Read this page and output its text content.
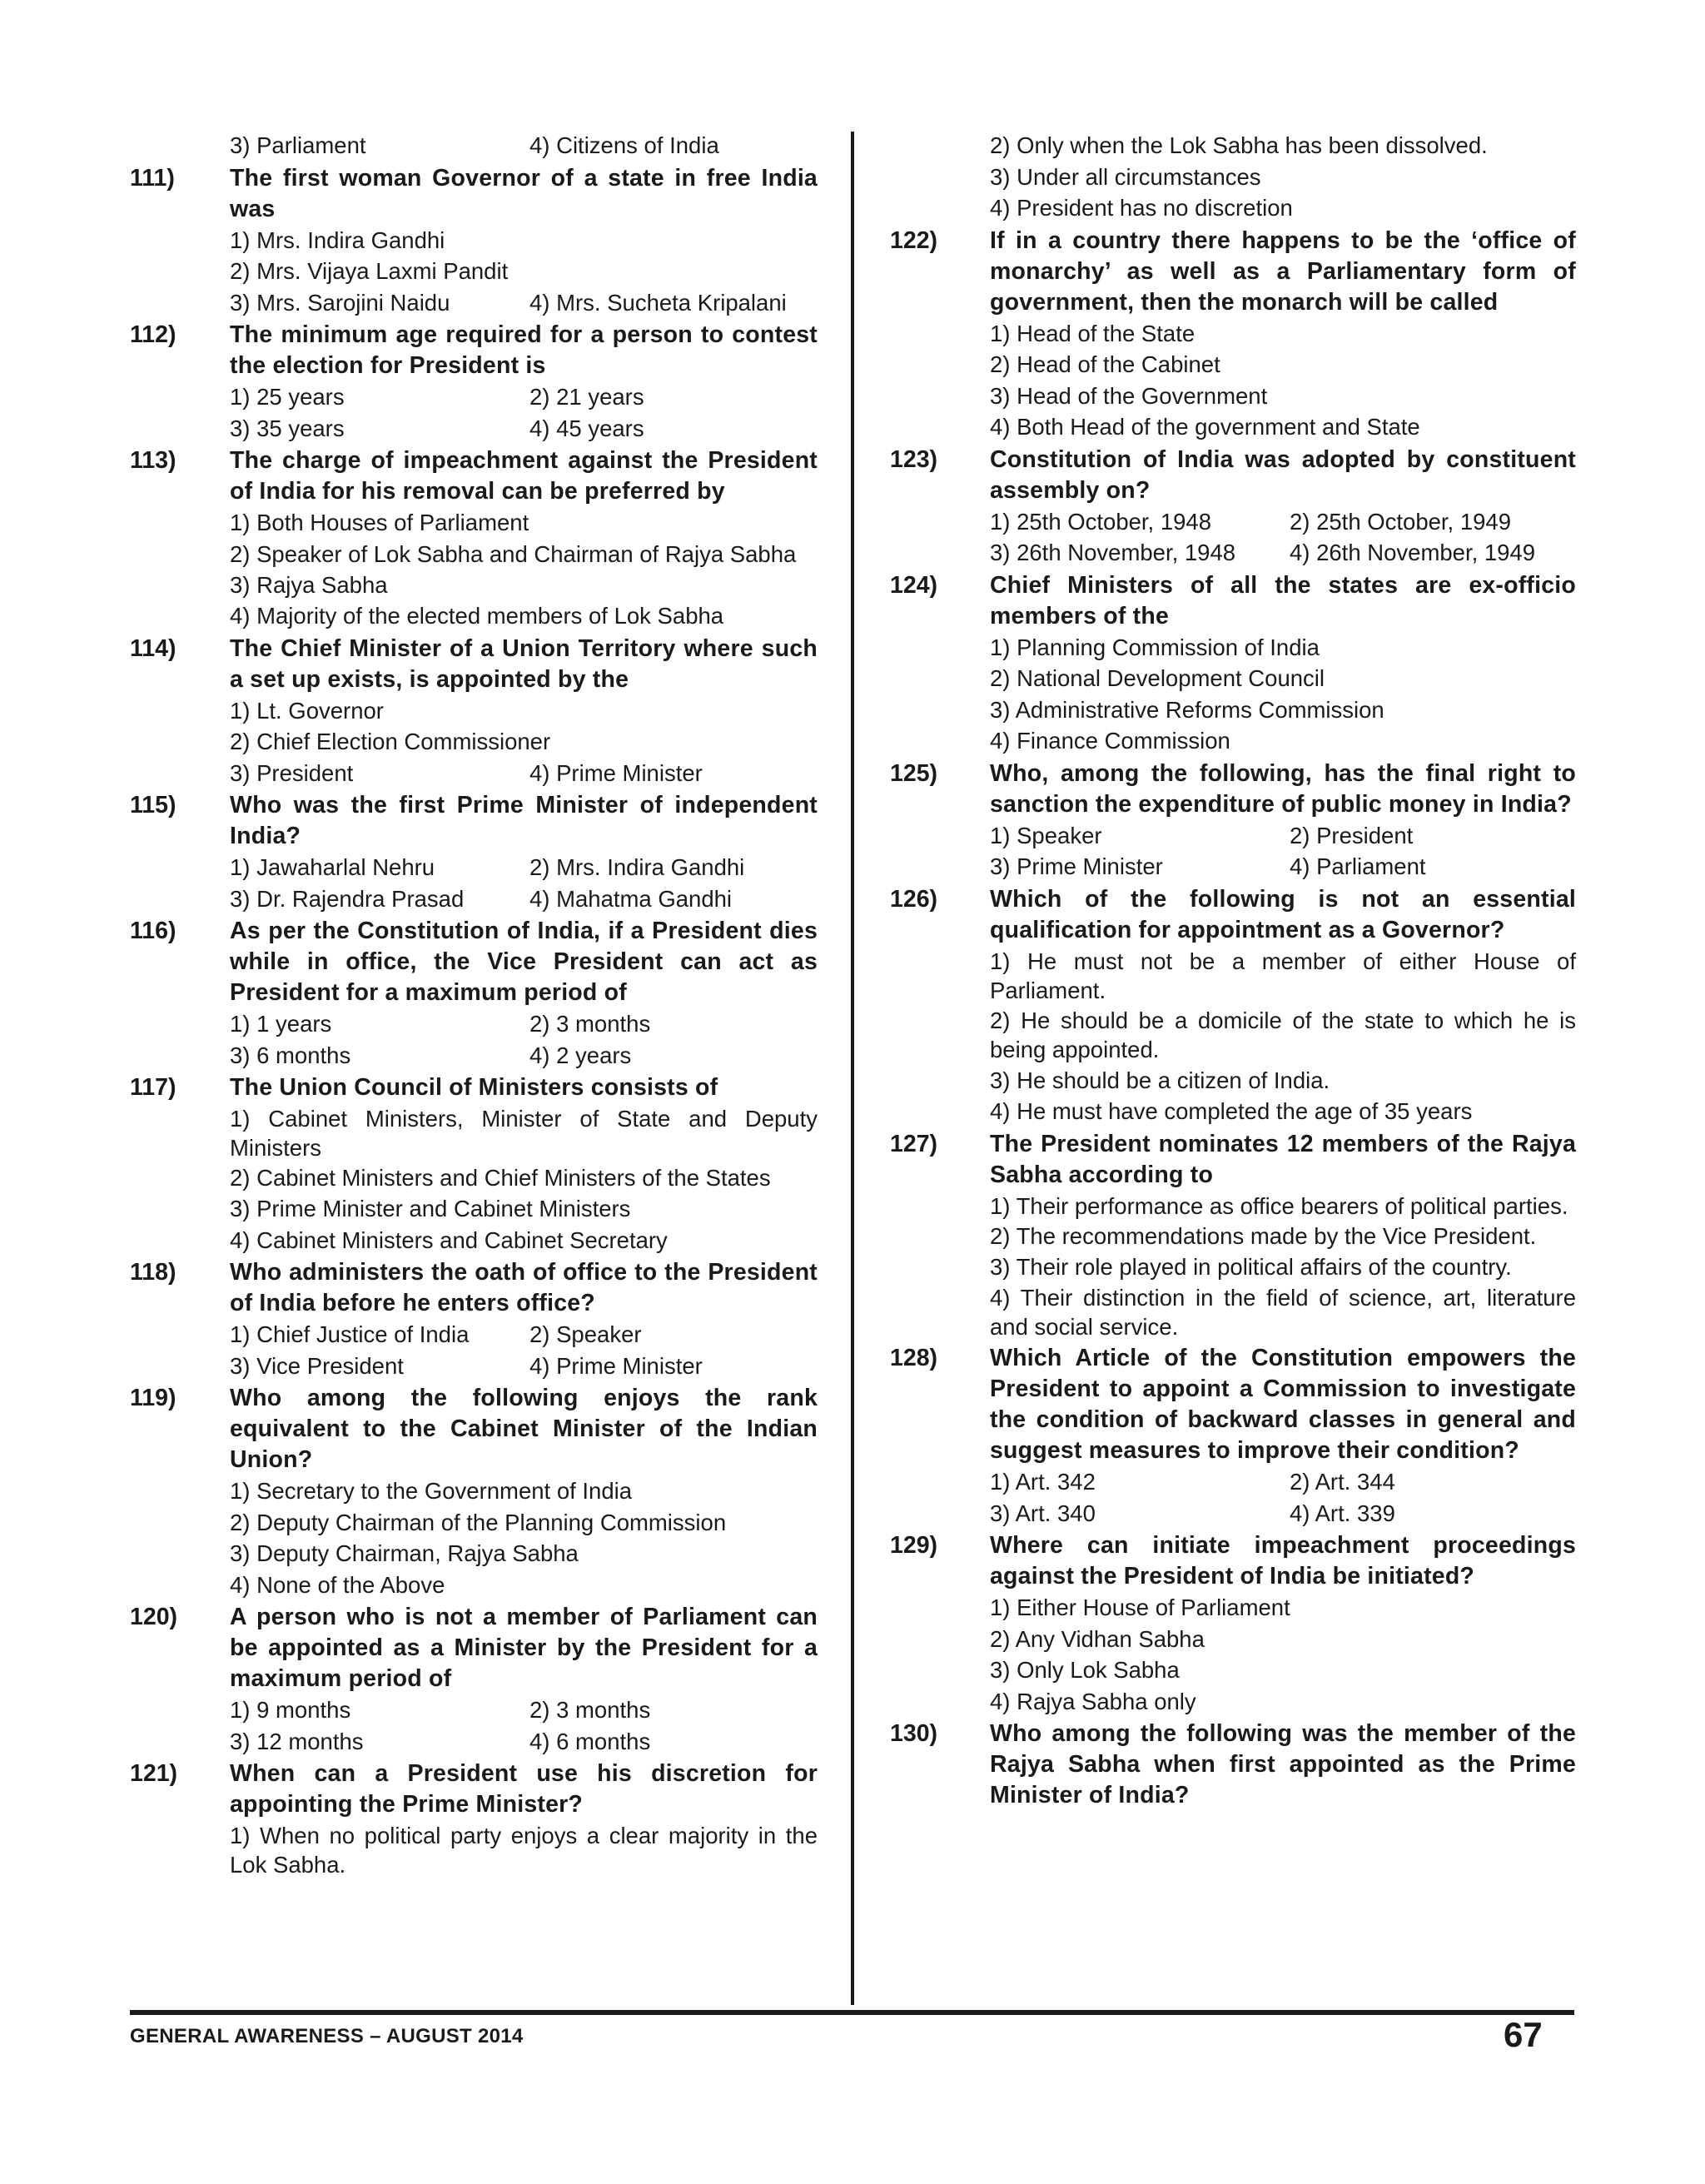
3) Parliament	4) Citizens of India
111) The first woman Governor of a state in free India was
1) Mrs. Indira Gandhi
2) Mrs. Vijaya Laxmi Pandit
3) Mrs. Sarojini Naidu	4) Mrs. Sucheta Kripalani
112) The minimum age required for a person to contest the election for President is
1) 25 years	2) 21 years
3) 35 years	4) 45 years
113) The charge of impeachment against the President of India for his removal can be preferred by
1) Both Houses of Parliament
2) Speaker of Lok Sabha and Chairman of Rajya Sabha
3) Rajya Sabha
4) Majority of the elected members of Lok Sabha
114) The Chief Minister of a Union Territory where such a set up exists, is appointed by the
1) Lt. Governor
2) Chief Election Commissioner
3) President	4) Prime Minister
115) Who was the first Prime Minister of independent India?
1) Jawaharlal Nehru	2) Mrs. Indira Gandhi
3) Dr. Rajendra Prasad	4) Mahatma Gandhi
116) As per the Constitution of India, if a President dies while in office, the Vice President can act as President for a maximum period of
1) 1 years	2) 3 months
3) 6 months	4) 2 years
117) The Union Council of Ministers consists of
1) Cabinet Ministers, Minister of State and Deputy Ministers
2) Cabinet Ministers and Chief Ministers of the States
3) Prime Minister and Cabinet Ministers
4) Cabinet Ministers and Cabinet Secretary
118) Who administers the oath of office to the President of India before he enters office?
1) Chief Justice of India	2) Speaker
3) Vice President	4) Prime Minister
119) Who among the following enjoys the rank equivalent to the Cabinet Minister of the Indian Union?
1) Secretary to the Government of India
2) Deputy Chairman of the Planning Commission
3) Deputy Chairman, Rajya Sabha
4) None of the Above
120) A person who is not a member of Parliament can be appointed as a Minister by the President for a maximum period of
1) 9 months	2) 3 months
3) 12 months	4) 6 months
121) When can a President use his discretion for appointing the Prime Minister?
1) When no political party enjoys a clear majority in the Lok Sabha.
2) Only when the Lok Sabha has been dissolved.
3) Under all circumstances
4) President has no discretion
122) If in a country there happens to be the ‘office of monarchy’ as well as a Parliamentary form of government, then the monarch will be called
1) Head of the State
2) Head of the Cabinet
3) Head of the Government
4) Both Head of the government and State
123) Constitution of India was adopted by constituent assembly on?
1) 25th October, 1948	2) 25th October, 1949
3) 26th November, 1948	4) 26th November, 1949
124) Chief Ministers of all the states are ex-officio members of the
1) Planning Commission of India
2) National Development Council
3) Administrative Reforms Commission
4) Finance Commission
125) Who, among the following, has the final right to sanction the expenditure of public money in India?
1) Speaker	2) President
3) Prime Minister	4) Parliament
126) Which of the following is not an essential qualification for appointment as a Governor?
1) He must not be a member of either House of Parliament.
2) He should be a domicile of the state to which he is being appointed.
3) He should be a citizen of India.
4) He must have completed the age of 35 years
127) The President nominates 12 members of the Rajya Sabha according to
1) Their performance as office bearers of political parties.
2) The recommendations made by the Vice President.
3) Their role played in political affairs of the country.
4) Their distinction in the field of science, art, literature and social service.
128) Which Article of the Constitution empowers the President to appoint a Commission to investigate the condition of backward classes in general and suggest measures to improve their condition?
1) Art. 342	2) Art. 344
3) Art. 340	4) Art. 339
129) Where can initiate impeachment proceedings against the President of India be initiated?
1) Either House of Parliament
2) Any Vidhan Sabha
3) Only Lok Sabha
4) Rajya Sabha only
130) Who among the following was the member of the Rajya Sabha when first appointed as the Prime Minister of India?
GENERAL AWARENESS – AUGUST 2014	67
